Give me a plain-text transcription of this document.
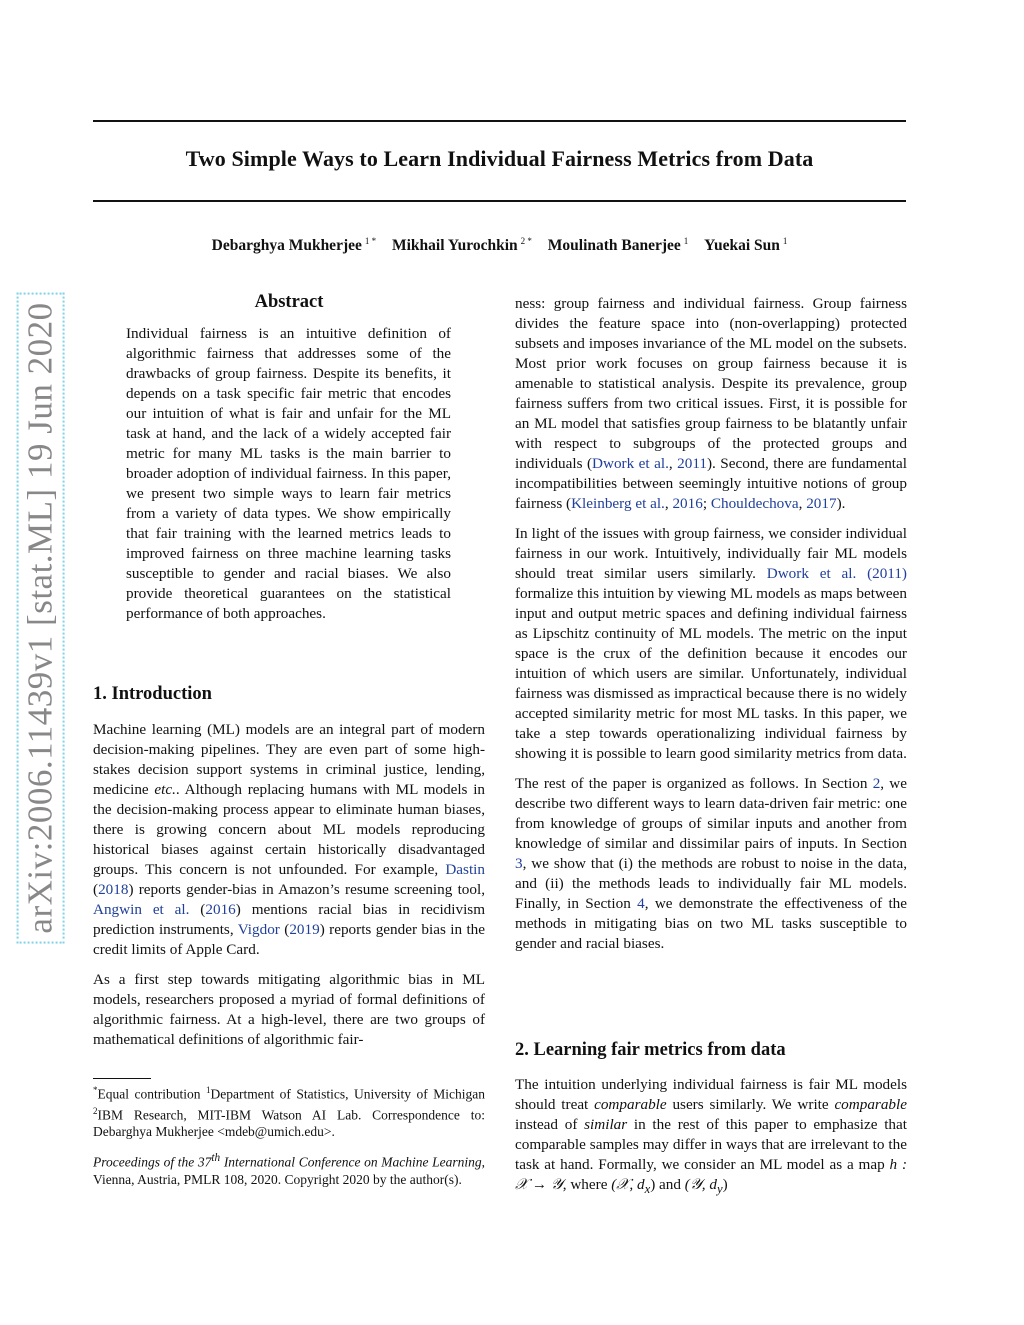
Two Simple Ways to Learn Individual Fairness Metrics from Data
Debarghya Mukherjee $^{1 *}$ Mikhail Yurochkin $^{2 *}$ Moulinath Banerjee $^1$ Yuekai Sun $^1$
arXiv:2006.11439v1 [stat.ML] 19 Jun 2020
Abstract

Individual fairness is an intuitive definition of algorithmic fairness that addresses some of the drawbacks of group fairness. Despite its benefits, it depends on a task specific fair metric that encodes our intuition of what is fair and unfair for the ML task at hand, and the lack of a widely accepted fair metric for many ML tasks is the main barrier to broader adoption of individual fairness. In this paper, we present two simple ways to learn fair metrics from a variety of data types. We show empirically that fair training with the learned metrics leads to improved fairness on three machine learning tasks susceptible to gender and racial biases. We also provide theoretical guarantees on the statistical performance of both approaches.

1. Introduction

Machine learning (ML) models are an integral part of modern decision-making pipelines. They are even part of some high-stakes decision support systems in criminal justice, lending, medicine etc.. Although replacing humans with ML models in the decision-making process appear to eliminate human biases, there is growing concern about ML models reproducing historical biases against certain historically disadvantaged groups. This concern is not unfounded. For example, Dastin (2018) reports gender-bias in Amazon’s resume screening tool, Angwin et al. (2016) mentions racial bias in recidivism prediction instruments, Vigdor (2019) reports gender bias in the credit limits of Apple Card.

As a first step towards mitigating algorithmic bias in ML models, researchers proposed a myriad of formal definitions of algorithmic fairness. At a high-level, there are two groups of mathematical definitions of algorithmic fair-

*Equal contribution $^1$Department of Statistics, University of Michigan $^2$IBM Research, MIT-IBM Watson AI Lab. Correspondence to: Debarghya Mukherjee <mdeb@umich.edu>.
Proceedings of the 37th International Conference on Machine Learning, Vienna, Austria, PMLR 108, 2020. Copyright 2020 by the author(s).

ness: group fairness and individual fairness. Group fairness divides the feature space into (non-overlapping) protected subsets and imposes invariance of the ML model on the subsets. Most prior work focuses on group fairness because it is amenable to statistical analysis. Despite its prevalence, group fairness suffers from two critical issues. First, it is possible for an ML model that satisfies group fairness to be blatantly unfair with respect to subgroups of the protected groups and individuals (Dwork et al., 2011). Second, there are fundamental incompatibilities between seemingly intuitive notions of group fairness (Kleinberg et al., 2016; Chouldechova, 2017).

In light of the issues with group fairness, we consider individual fairness in our work. Intuitively, individually fair ML models should treat similar users similarly. Dwork et al. (2011) formalize this intuition by viewing ML models as maps between input and output metric spaces and defining individual fairness as Lipschitz continuity of ML models. The metric on the input space is the crux of the definition because it encodes our intuition of which users are similar. Unfortunately, individual fairness was dismissed as impractical because there is no widely accepted similarity metric for most ML tasks. In this paper, we take a step towards operationalizing individual fairness by showing it is possible to learn good similarity metrics from data.

The rest of the paper is organized as follows. In Section 2, we describe two different ways to learn data-driven fair metric: one from knowledge of groups of similar inputs and another from knowledge of similar and dissimilar pairs of inputs. In Section 3, we show that (i) the methods are robust to noise in the data, and (ii) the methods leads to individually fair ML models. Finally, in Section 4, we demonstrate the effectiveness of the methods in mitigating bias on two ML tasks susceptible to gender and racial biases.

2. Learning fair metrics from data

The intuition underlying individual fairness is fair ML models should treat comparable users similarly. We write comparable instead of similar in the rest of this paper to emphasize that comparable samples may differ in ways that are irrelevant to the task at hand. Formally, we consider an ML model as a map h : 𝒳 → 𝒴, where (𝒳, $d_x$) and (𝒴, $d_y$)
